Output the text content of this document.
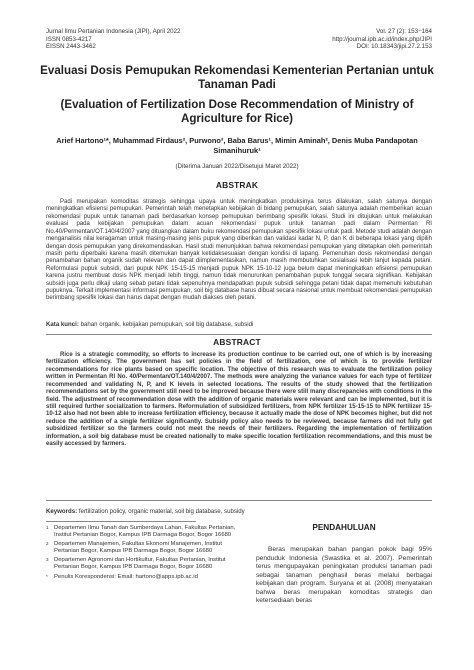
Jurnal Ilmu Pertanian Indonesia (JIPI), April 2022
ISSN 0853-4217
EISSN 2443-3462
Vol. 27 (2): 153−164
http://journal.ipb.ac.id/index.php/JIPI
DOI: 10.18343/jipi.27.2.153
Evaluasi Dosis Pemupukan Rekomendasi Kementerian Pertanian untuk Tanaman Padi
(Evaluation of Fertilization Dose Recommendation of Ministry of Agriculture for Rice)
Arief Hartono¹*, Muhammad Firdaus², Purwono³, Baba Barus¹, Mimin Aminah², Denis Muba Pandapotan Simanihuruk¹
(Diterima Januari 2022/Disetujui Maret 2022)
ABSTRAK
Padi merupakan komoditas strategis sehingga upaya untuk meningkatkan produksinya terus dilakukan, salah satunya dengan meningkatkan efisiensi pemupukan. Pemerintah telah menetapkan kebijakan di bidang pemupukan, salah satunya adalah memberikan acuan rekomendasi pupuk untuk tanaman padi berdasarkan konsep pemupukan berimbang spesifik lokasi. Studi ini ditujukan untuk melakukan evaluasi pada kebijakan pemupukan dalam acuan rekomendasi pupuk untuk tanaman padi dalam Permentan RI No.40/Permentan/OT.140/4/2007 yang dituangkan dalam buku rekomendasi pemupukan spesifik lokasi untuk padi. Metode studi adalah dengan menganalisis nilai keragaman untuk masing-masing jenis pupuk yang diberikan dan validasi kadar N, P, dan K di beberapa lokasi yang dipilih dengan dosis pemupukan yang direkomendasikan. Hasil studi menunjukkan bahwa rekomendasi pemupukan yang ditetapkan oleh pemerintah masih perlu diperbaiki karena masih ditemukan banyak ketidaksesuaian dengan kondisi di lapang. Pemenuhan dosis rekomendasi dengan penambahan bahan organik sudah relevan dan dapat diimplementasikan, namun masih membutuhkan sosialisasi lebih lanjut kepada petani. Reformulasi pupuk subsidi, dari pupuk NPK 15-15-15 menjadi pupuk NPK 15-10-12 juga belum dapat meningkatkan efisiensi pemupukan karena justru membuat dosis NPK menjadi lebih tinggi, namun tidak menurunkan penambahan pupuk tunggal secara signifikan. Kebijakan subsidi juga perlu dikaji ulang sebab petani tidak sepenuhnya mendapatkan pupuk subsidi sehingga petani tidak dapat memenuhi kebutuhan pupuknya. Terkait implementasi informasi pemupukan, soil big database harus dibuat secara nasional untuk membuat rekomendasi pemupukan berimbang spesifik lokasi dan harus dapat dengan mudah diakses oleh petani.
Kata kunci: bahan organik, kebijakan pemupukan, soil big database, subsidi
ABSTRACT
Rice is a strategic commodity, so efforts to increase its production continue to be carried out, one of which is by increasing fertilization efficiency. The government has set policies in the field of fertilization, one of which is to provide fertilizer recommendations for rice plants based on specific location. The objective of this research was to evaluate the fertilization policy written in Permentan RI No. 40/Permentan/OT.140/4/2007. The methods were analyzing the variance values for each type of fertilizer recommended and validating N, P, and K levels in selected locations. The results of the study showed that the fertilization recommendations set by the government still need to be improved because there were still many discrepancies with conditions in the field. The adjustment of recommendation dose with the addition of organic materials were relevant and can be implemented, but it is still required further socialization to farmers. Reformulation of subsidized fertilizers, from NPK fertilizer 15-15-15 to NPK fertilizer 15-10-12 also had not been able to increase fertilization efficiency, because it actually made the dose of NPK becomes higher, but did not reduce the addition of a single fertilizer significantly. Subsidy policy also needs to be reviewed, because farmers did not fully get subsidized fertilizer so the farmers could not meet the needs of their fertilizers. Regarding the implementation of fertilization information, a soil big database must be created nationally to make specific location fertilization recommendations, and this must be easily accessed by farmers.
Keywords: fertilization policy, organic material, soil big database, subsidy
1 Departemen Ilmu Tanah dan Sumberdaya Lahan, Fakultas Pertanian, Institut Pertanian Bogor, Kampus IPB Darmaga Bogor, Bogor 16680
2 Departemen Manajemen, Fakultas Ekonomi Manajemen, Institut Pertanian Bogor, Kampus IPB Darmaga Bogor, Bogor 16680
3 Departemen Agronomi dan Hortikultur, Fakultas Pertanian, Institut Pertanian Bogor, Kampus IPB Darmaga Bogor, Bogor 16680
*	Penulis Korespondensi: Email: hartono@apps.ipb.ac.id
PENDAHULUAN
Beras merupakan bahan pangan pokok bagi 95% penduduk Indonesia (Swastika et al. 2007). Pemerintah terus mengupayakan peningkatan produksi tanaman padi sebagai tanaman penghasil beras melalui berbagai kebijakan dan program. Suryana et al. (2008) menyatakan bahwa beras merupakan komoditas strategis dan ketersediaan beras
